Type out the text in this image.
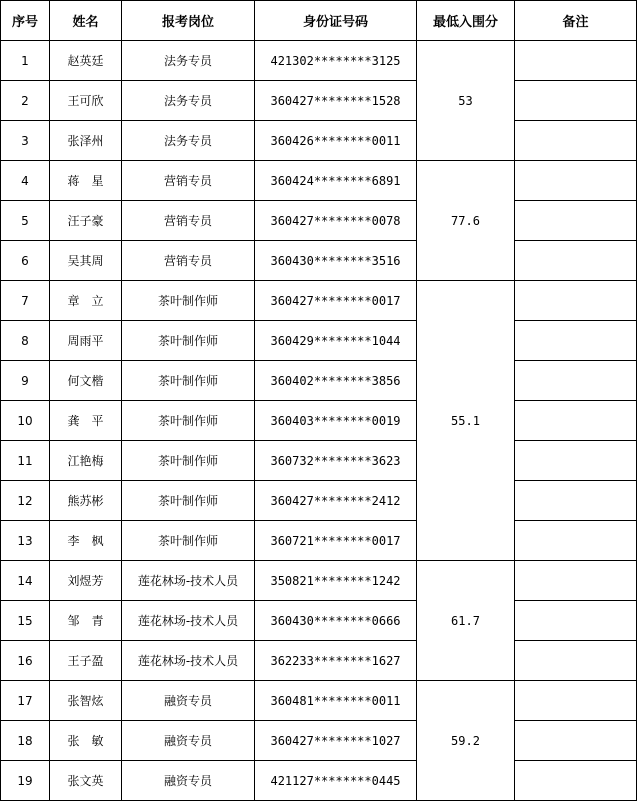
序号	姓名	报考岗位	身份证号码	最低入围分	备注
1	赵英廷	法务专员	421302********3125	53	
2	王可欣	法务专员	360427********1528		
3	张泽州	法务专员	360426********0011		
4	蒋　星	营销专员	360424********6891	77.6	
5	汪子豪	营销专员	360427********0078		
6	吴其周	营销专员	360430********3516		
7	章　立	茶叶制作师	360427********0017	55.1	
8	周雨平	茶叶制作师	360429********1044		
9	何文楷	茶叶制作师	360402********3856		
10	龚　平	茶叶制作师	360403********0019		
11	江艳梅	茶叶制作师	360732********3623		
12	熊苏彬	茶叶制作师	360427********2412		
13	李　枫	茶叶制作师	360721********0017		
14	刘煜芳	莲花林场-技术人员	350821********1242	61.7	
15	邹　青	莲花林场-技术人员	360430********0666		
16	王子盈	莲花林场-技术人员	362233********1627		
17	张智炫	融资专员	360481********0011	59.2	
18	张　敏	融资专员	360427********1027		
19	张文英	融资专员	421127********0445		
